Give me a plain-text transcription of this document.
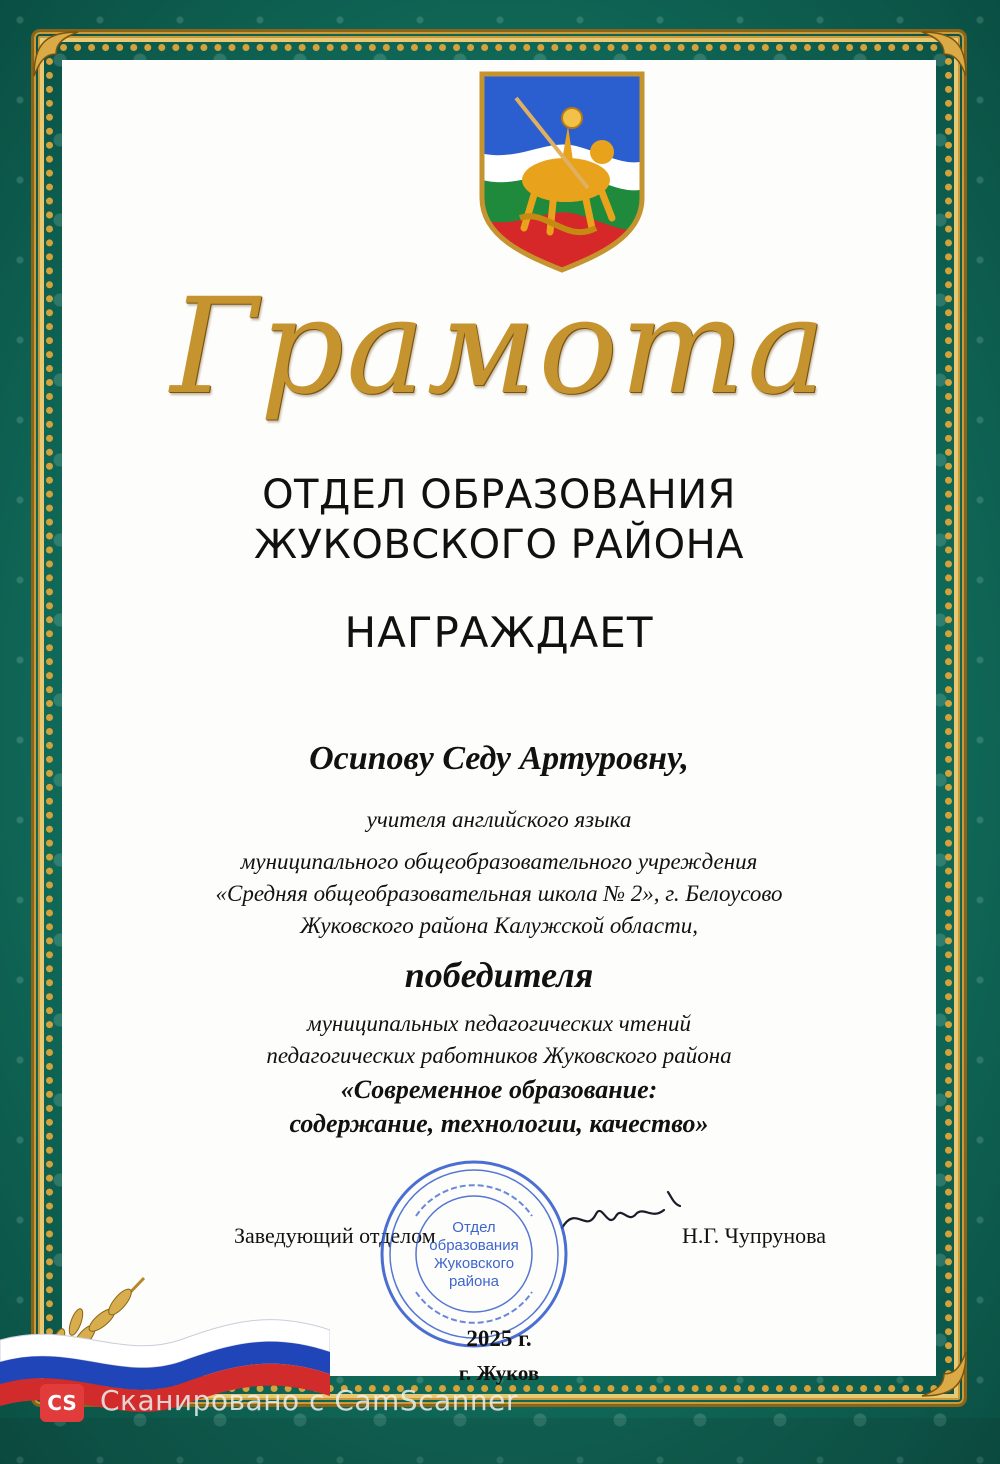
Грамота
ОТДЕЛ ОБРАЗОВАНИЯ
ЖУКОВСКОГО РАЙОНА
НАГРАЖДАЕТ
Осипову Седу Артуровну,
учителя английского языка
муниципального общеобразовательного учреждения
«Средняя общеобразовательная школа № 2», г. Белоусово
Жуковского района Калужской области,
победителя
муниципальных педагогических чтений
педагогических работников Жуковского района
«Современное образование:
содержание, технологии, качество»
Заведующий отделом	Н.Г. Чупрунова
Отдел
образования
Жуковского
района
2025 г.
г. Жуков
CS Сканировано с CamScanner
